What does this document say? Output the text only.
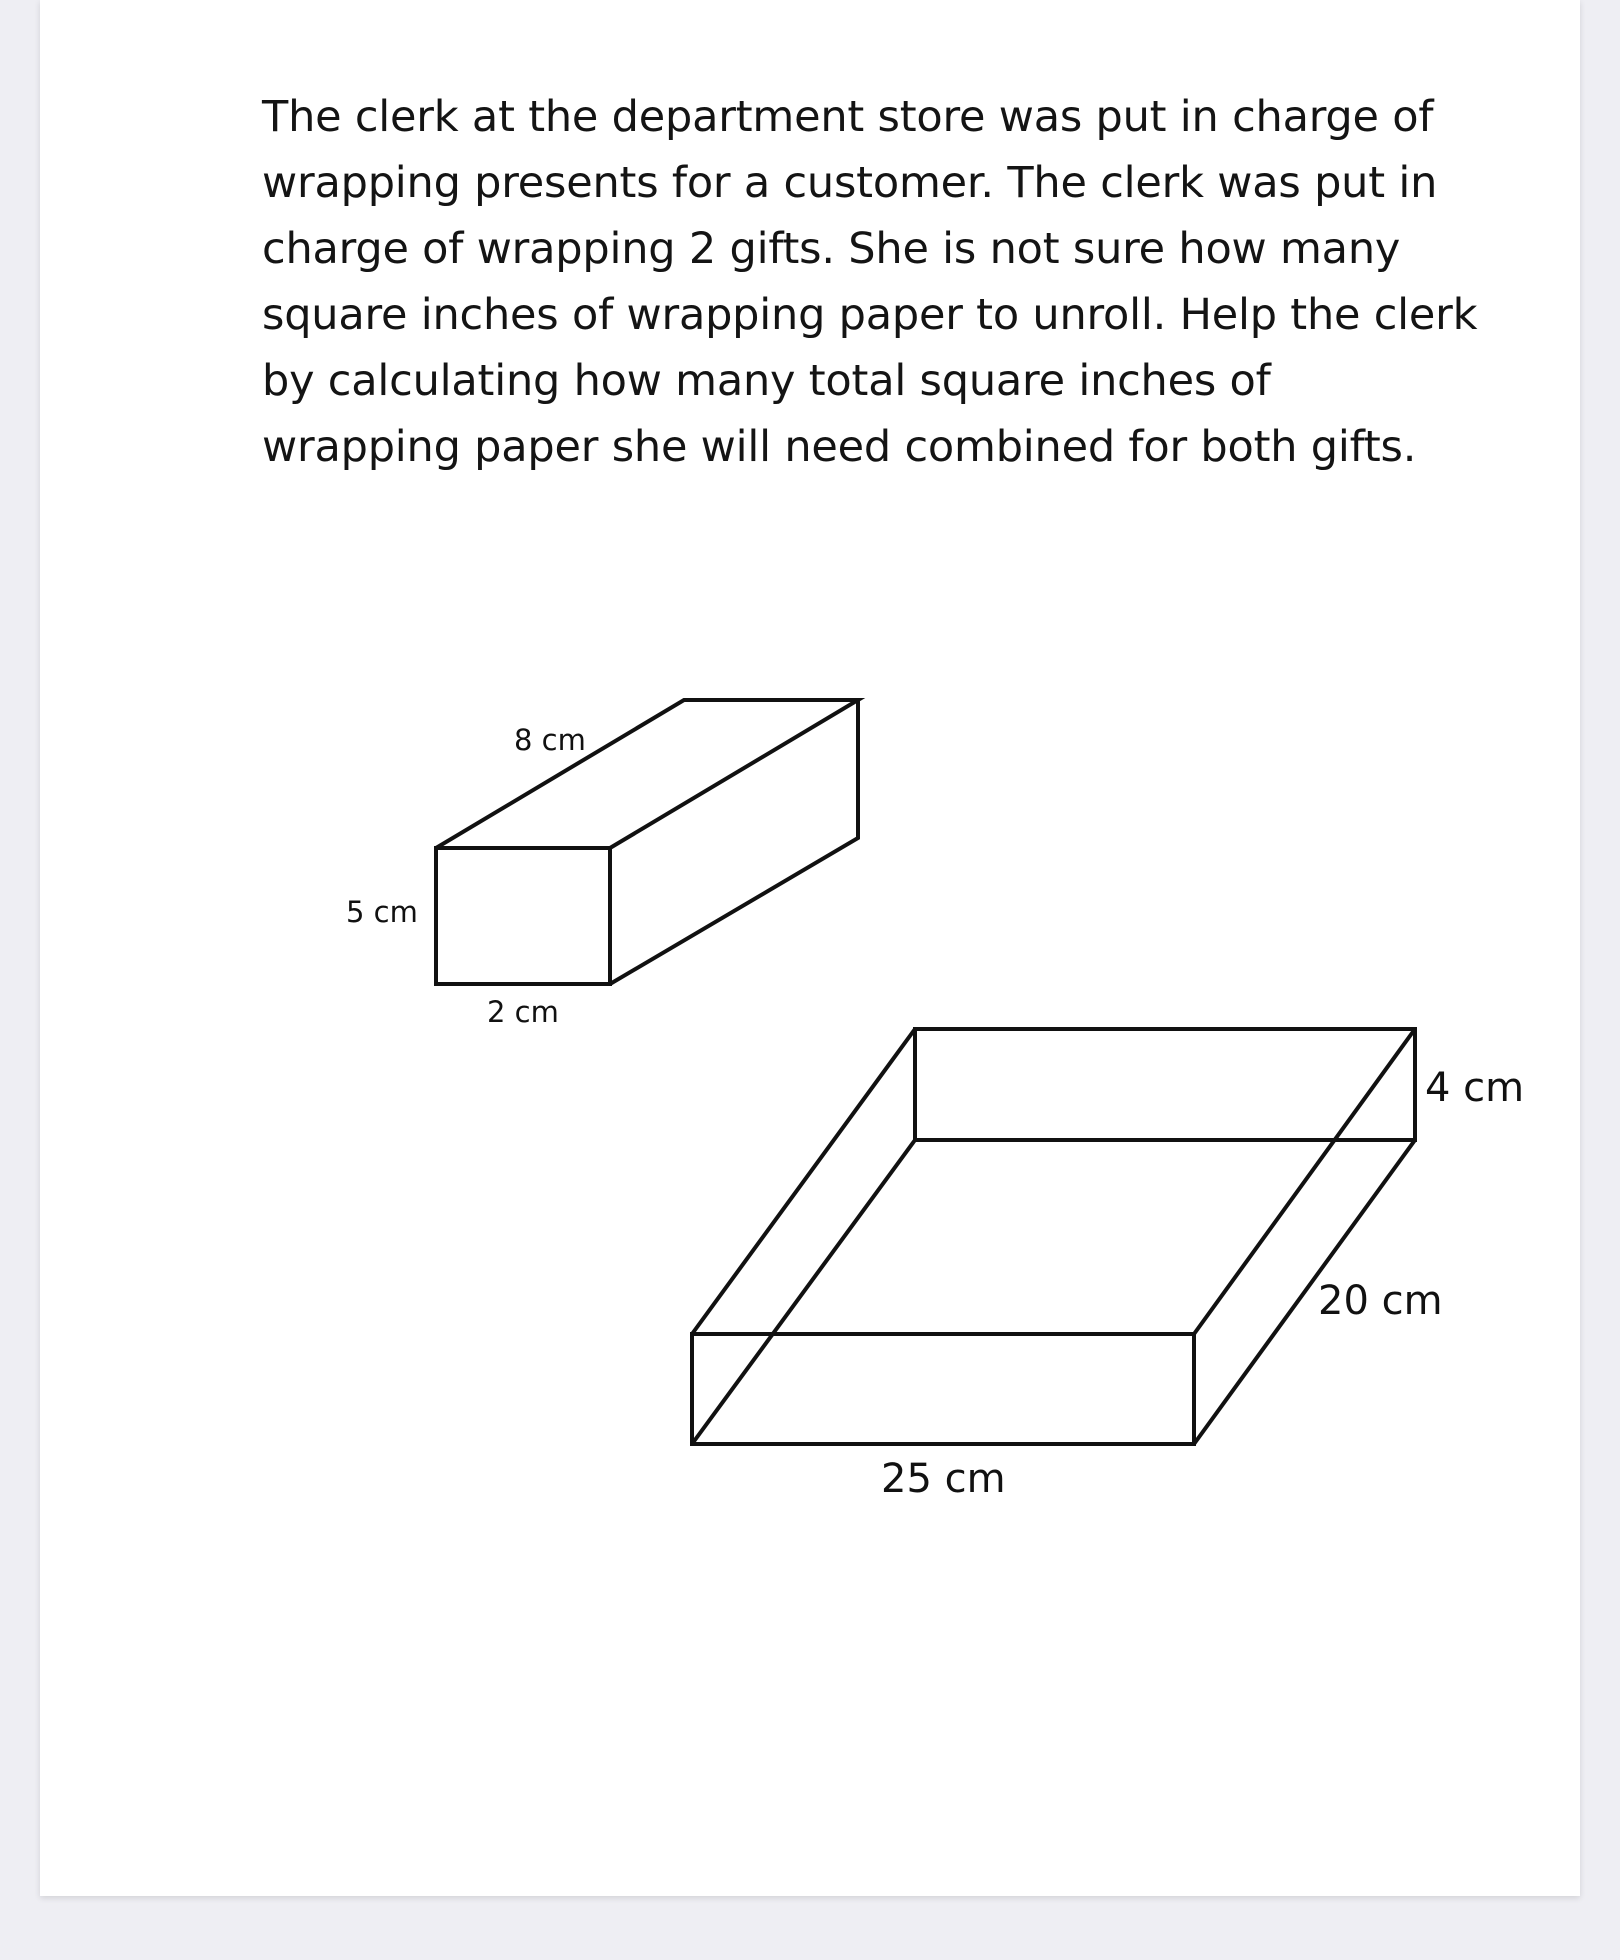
The clerk at the department store was put in charge of wrapping presents for a customer. The clerk was put in charge of wrapping 2 gifts. She is not sure how many square inches of wrapping paper to unroll. Help the clerk by calculating how many total square inches of wrapping paper she will need combined for both gifts.

8 cm
5 cm
2 cm
4 cm
20 cm
25 cm
